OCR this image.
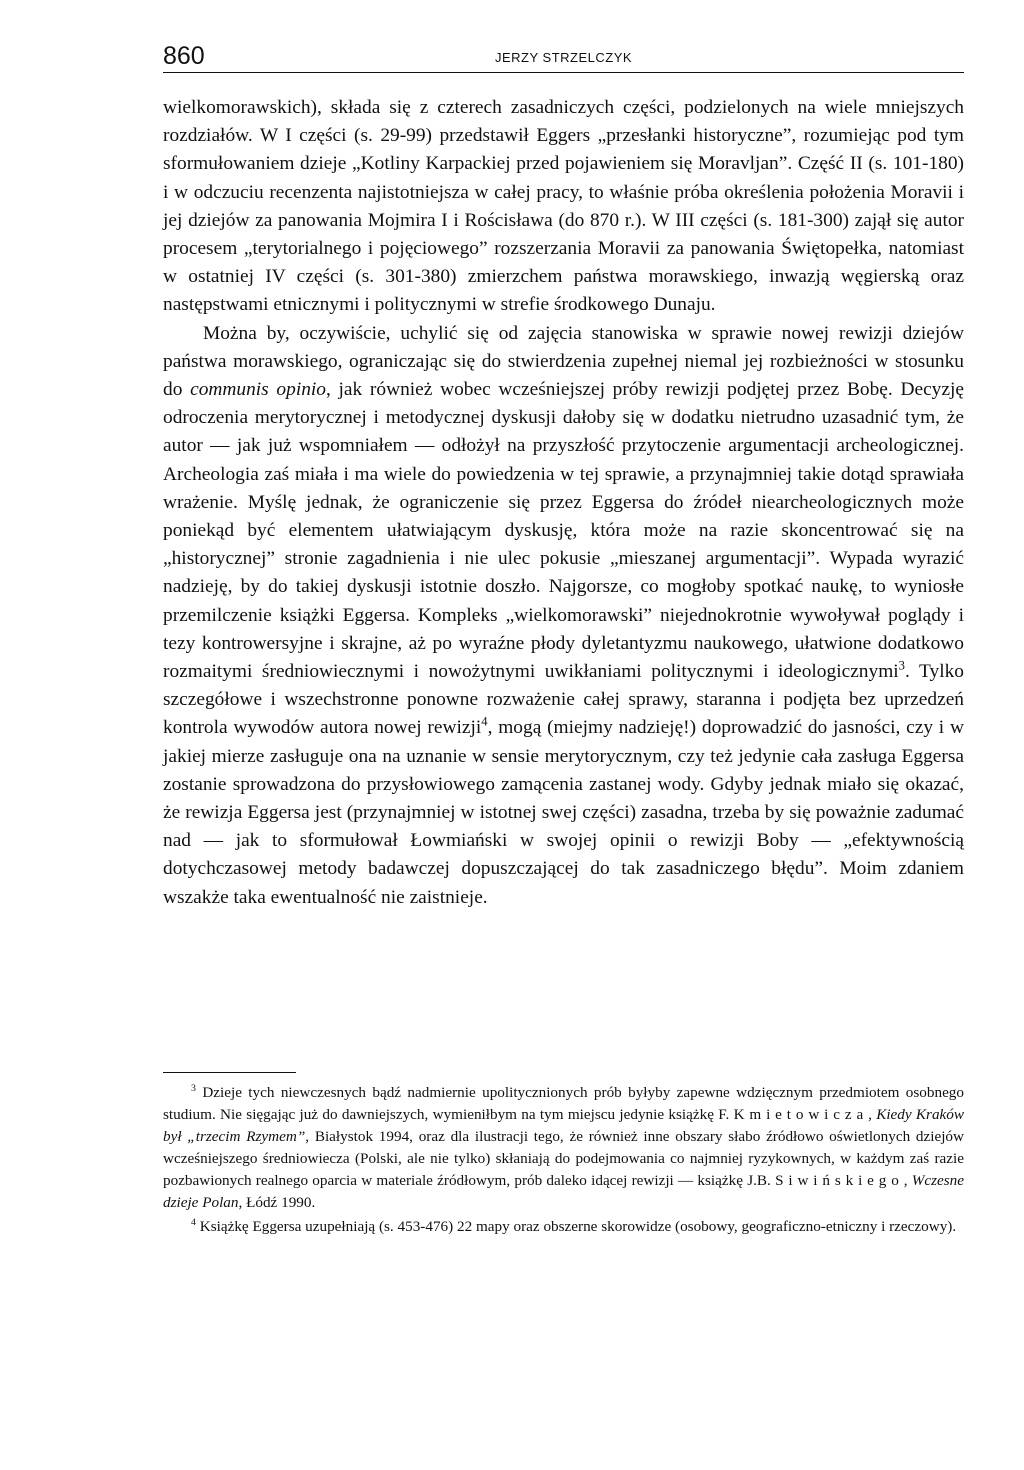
860	JERZY STRZELCZYK

wielkomorawskich), składa się z czterech zasadniczych części, podzielonych na wiele mniejszych rozdziałów. W I części (s. 29-99) przedstawił Eggers „przesłanki historyczne”, rozumiejąc pod tym sformułowaniem dzieje „Kotliny Karpackiej przed pojawieniem się Moravljan”. Część II (s. 101-180) i w odczuciu recenzenta najistotniejsza w całej pracy, to właśnie próba określenia położenia Moravii i jej dziejów za panowania Mojmira I i Rościsława (do 870 r.). W III części (s. 181-300) zajął się autor procesem „terytorialnego i pojęciowego” rozszerzania Moravii za panowania Świętopełka, natomiast w ostatniej IV części (s. 301-380) zmierzchem państwa morawskiego, inwazją węgierską oraz następstwami etnicznymi i politycznymi w strefie środkowego Dunaju.

Można by, oczywiście, uchylić się od zajęcia stanowiska w sprawie nowej rewizji dziejów państwa morawskiego, ograniczając się do stwierdzenia zupełnej niemal jej rozbieżności w stosunku do communis opinio, jak również wobec wcześniejszej próby rewizji podjętej przez Bobę. Decyzję odroczenia merytorycznej i metodycznej dyskusji dałoby się w dodatku nietrudno uzasadnić tym, że autor — jak już wspomniałem — odłożył na przyszłość przytoczenie argumentacji archeologicznej. Archeologia zaś miała i ma wiele do powiedzenia w tej sprawie, a przynajmniej takie dotąd sprawiała wrażenie. Myślę jednak, że ograniczenie się przez Eggersa do źródeł niearcheologicznych może poniekąd być elementem ułatwiającym dyskusję, która może na razie skoncentrować się na „historycznej” stronie zagadnienia i nie ulec pokusie „mieszanej argumentacji”. Wypada wyrazić nadzieję, by do takiej dyskusji istotnie doszło. Najgorsze, co mogłoby spotkać naukę, to wyniosłe przemilczenie książki Eggersa. Kompleks „wielkomorawski” niejednokrotnie wywoływał poglądy i tezy kontrowersyjne i skrajne, aż po wyraźne płody dyletantyzmu naukowego, ułatwione dodatkowo rozmaitymi średniowiecznymi i nowożytnymi uwikłaniami politycznymi i ideologicznymi$^3$. Tylko szczegółowe i wszechstronne ponowne rozważenie całej sprawy, staranna i podjęta bez uprzedzeń kontrola wywodów autora nowej rewizji$^4$, mogą (miejmy nadzieję!) doprowadzić do jasności, czy i w jakiej mierze zasługuje ona na uznanie w sensie merytorycznym, czy też jedynie cała zasługa Eggersa zostanie sprowadzona do przysłowiowego zamącenia zastanej wody. Gdyby jednak miało się okazać, że rewizja Eggersa jest (przynajmniej w istotnej swej części) zasadna, trzeba by się poważnie zadumać nad — jak to sformułował Łowmiański w swojej opinii o rewizji Boby — „efektywnością dotychczasowej metody badawczej dopuszczającej do tak zasadniczego błędu”. Moim zdaniem wszakże taka ewentualność nie zaistnieje.

$^3$ Dzieje tych niewczesnych bądź nadmiernie upolitycznionych prób byłyby zapewne wdzięcznym przedmiotem osobnego studium. Nie sięgając już do dawniejszych, wymieniłbym na tym miejscu jedynie książkę F. Kmietowicza, Kiedy Kraków był „trzecim Rzymem”, Białystok 1994, oraz dla ilustracji tego, że również inne obszary słabo źródłowo oświetlonych dziejów wcześniejszego średniowiecza (Polski, ale nie tylko) skłaniają do podejmowania co najmniej ryzykownych, w każdym zaś razie pozbawionych realnego oparcia w materiale źródłowym, prób daleko idącej rewizji — książkę J.B. Siwińskiego, Wczesne dzieje Polan, Łódź 1990.

$^4$ Książkę Eggersa uzupełniają (s. 453-476) 22 mapy oraz obszerne skorowidze (osobowy, geograficzno-etniczny i rzeczowy).
